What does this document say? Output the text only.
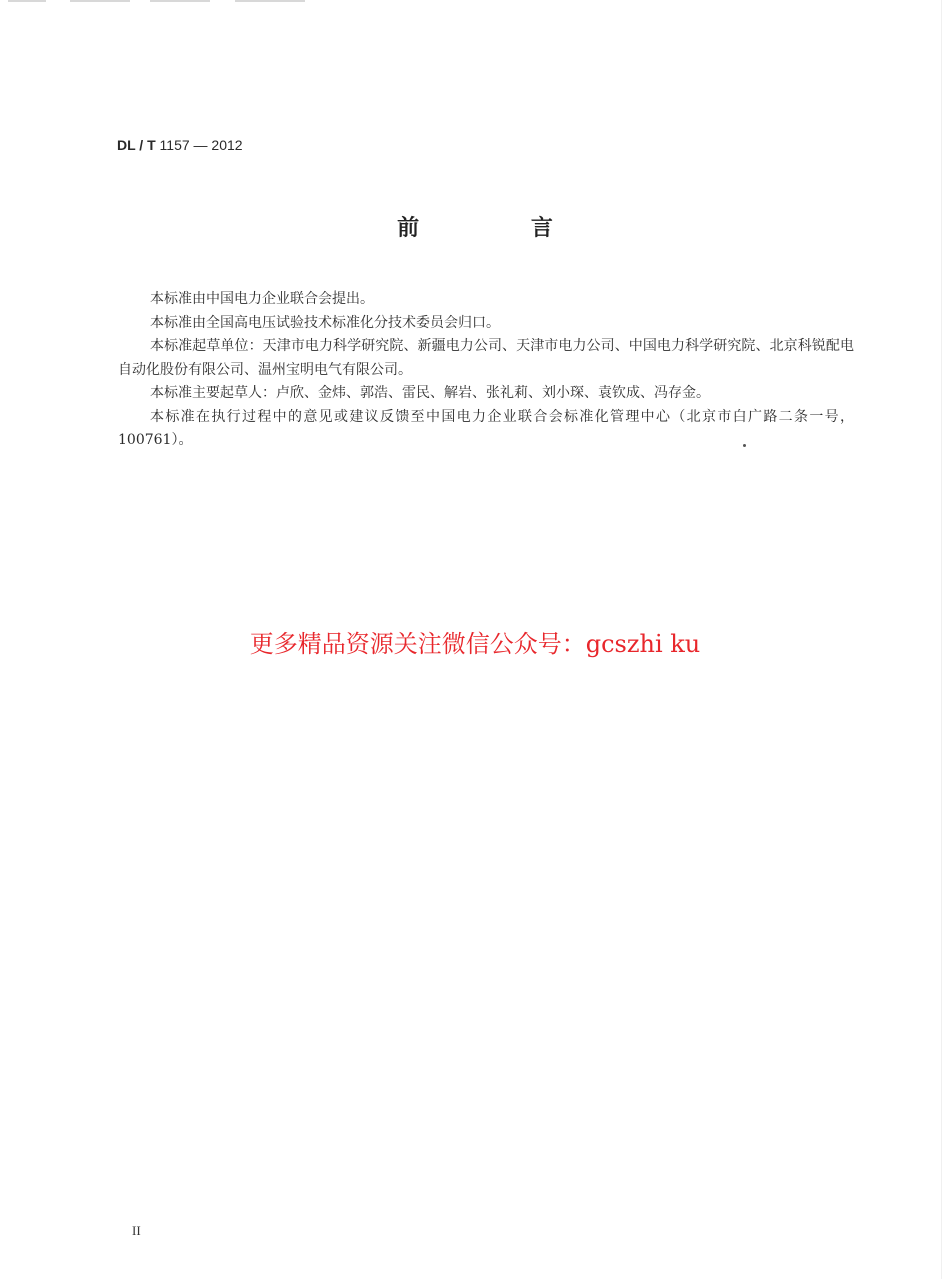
DL / T 1157 — 2012
前 言

本标准由中国电力企业联合会提出。

本标准由全国高电压试验技术标准化分技术委员会归口。

本标准起草单位：天津市电力科学研究院、新疆电力公司、天津市电力公司、中国电力科学研究院、北京科锐配电自动化股份有限公司、温州宝明电气有限公司。

本标准主要起草人：卢欣、金炜、郭浩、雷民、解岩、张礼莉、刘小琛、袁钦成、冯存金。

本标准在执行过程中的意见或建议反馈至中国电力企业联合会标准化管理中心（北京市白广路二条一号，100761）。

更多精品资源关注微信公众号：gcszhi ku
II
